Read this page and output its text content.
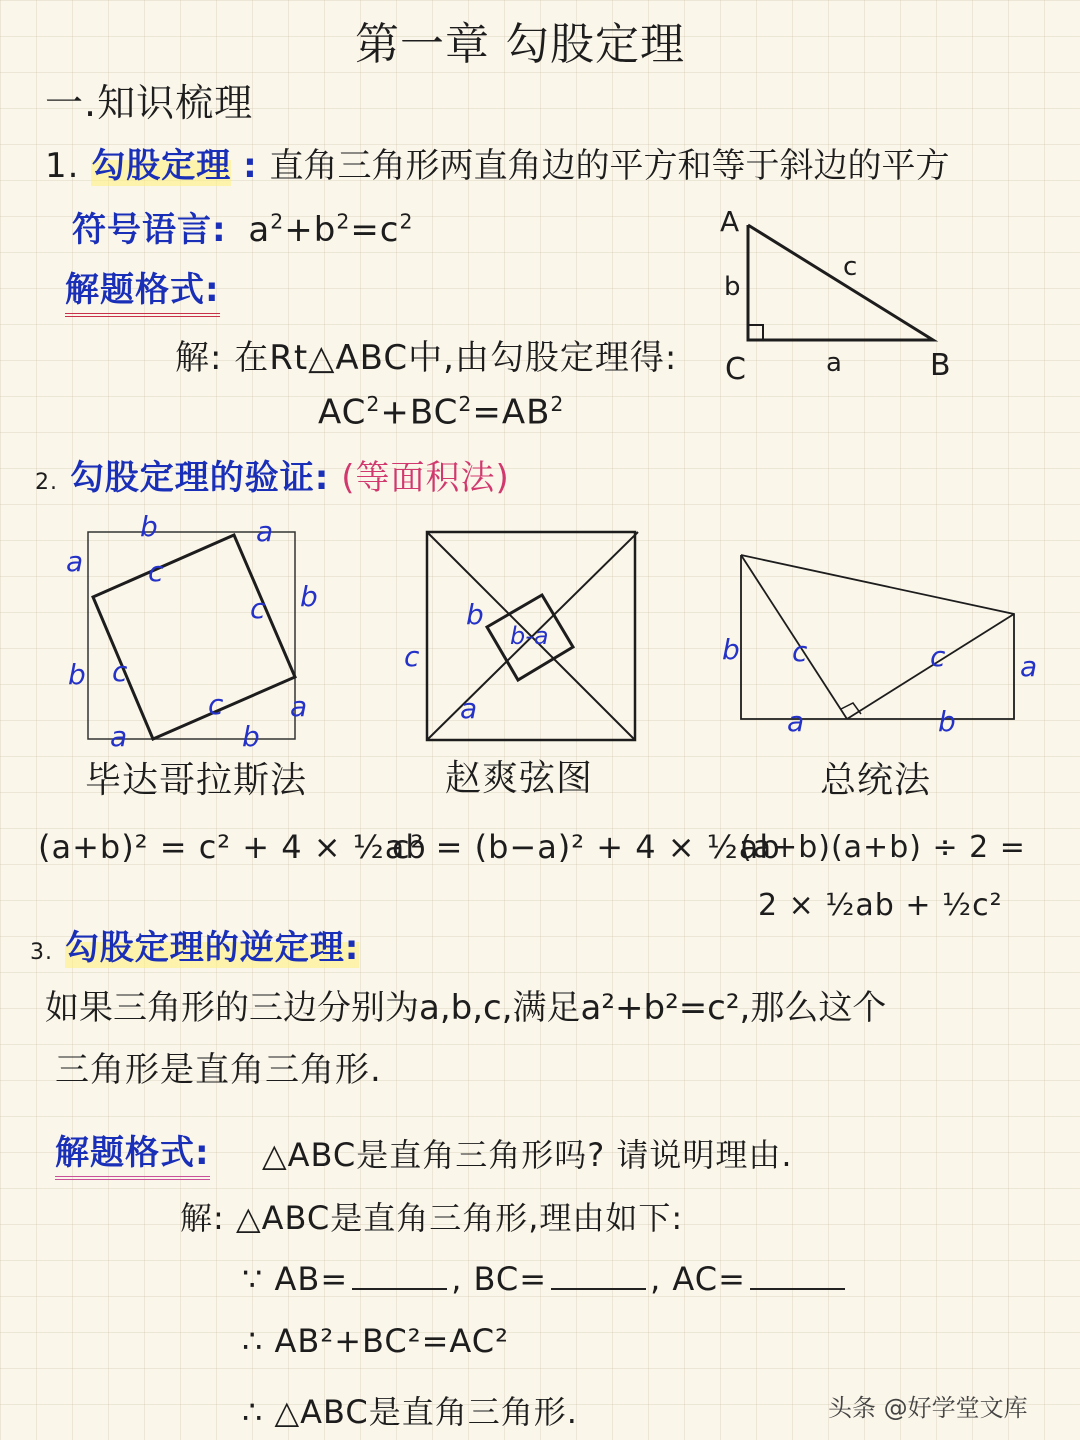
第一章 勾股定理
一.知识梳理
1. 勾股定理 : 直角三角形两直角边的平方和等于斜边的平方
符号语言: $a^2+b^2=c^2$
解题格式:
解: 在Rt△ABC中,由勾股定理得:
$AC^2+BC^2=AB^2$
A
B
C
b
c
a
2. 勾股定理的验证: (等面积法)
b	a
a
b
b
a
a	b
c
c
c
c
c
b
b-a
a
b c	c	a
a	b
毕达哥拉斯法	赵爽弦图	总统法
(a+b)² = c² + 4 × ½ab
c² = (b−a)² + 4 × ½ab
(a+b)(a+b) ÷ 2 =
2 × ½ab + ½c²
3. 勾股定理的逆定理:
如果三角形的三边分别为a,b,c,满足a²+b²=c²,那么这个
三角形是直角三角形.
解题格式: △ABC是直角三角形吗? 请说明理由.
解: △ABC是直角三角形,理由如下:
∵ AB=	, BC=	, AC=
∴ AB²+BC²=AC²
∴ △ABC是直角三角形.	头条 @好学堂文库
